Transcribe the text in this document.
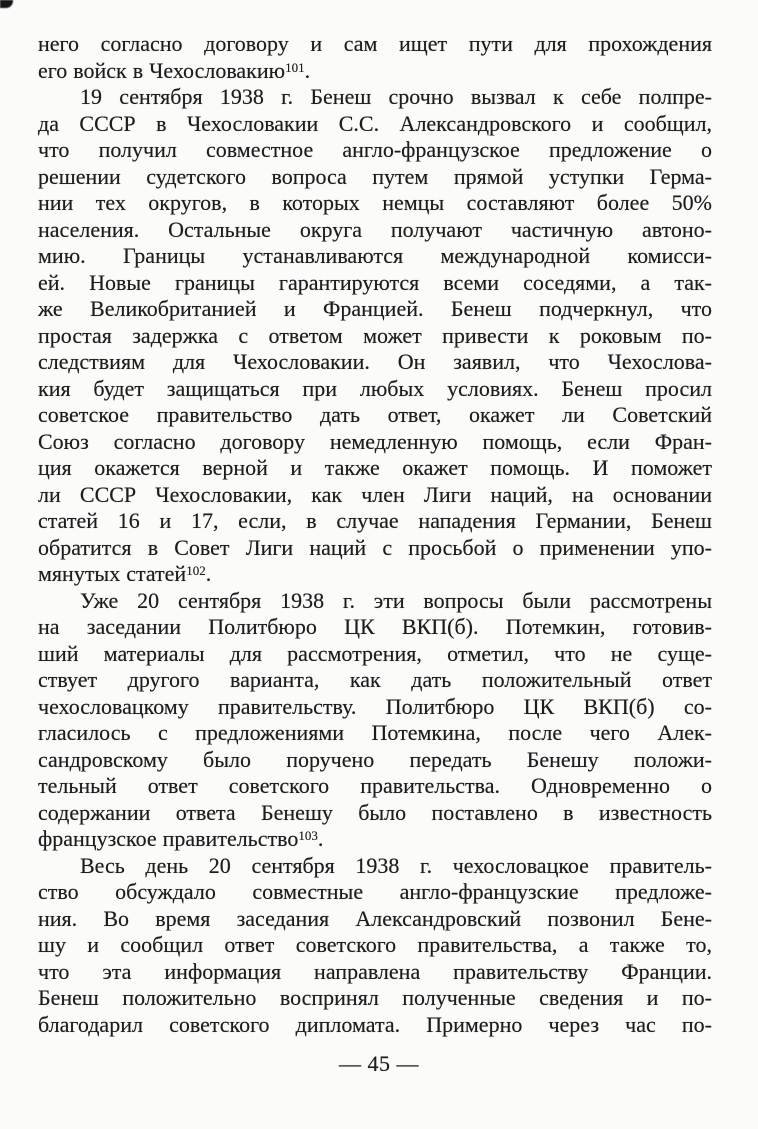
него согласно договору и сам ищет пути для прохождения
его войск в Чехословакию$^{101}$.
19 сентября 1938 г. Бенеш срочно вызвал к себе полпре-
да СССР в Чехословакии С.С. Александровского и сообщил,
что получил совместное англо-французское предложение о
решении судетского вопроса путем прямой уступки Герма-
нии тех округов, в которых немцы составляют более 50%
населения. Остальные округа получают частичную автоно-
мию. Границы устанавливаются международной комисси-
ей. Новые границы гарантируются всеми соседями, а так-
же Великобританией и Францией. Бенеш подчеркнул, что
простая задержка с ответом может привести к роковым по-
следствиям для Чехословакии. Он заявил, что Чехослова-
кия будет защищаться при любых условиях. Бенеш просил
советское правительство дать ответ, окажет ли Советский
Союз согласно договору немедленную помощь, если Фран-
ция окажется верной и также окажет помощь. И поможет
ли СССР Чехословакии, как член Лиги наций, на основании
статей 16 и 17, если, в случае нападения Германии, Бенеш
обратится в Совет Лиги наций с просьбой о применении упо-
мянутых статей$^{102}$.
Уже 20 сентября 1938 г. эти вопросы были рассмотрены
на заседании Политбюро ЦК ВКП(б). Потемкин, готовив-
ший материалы для рассмотрения, отметил, что не суще-
ствует другого варианта, как дать положительный ответ
чехословацкому правительству. Политбюро ЦК ВКП(б) со-
гласилось с предложениями Потемкина, после чего Алек-
сандровскому было поручено передать Бенешу положи-
тельный ответ советского правительства. Одновременно о
содержании ответа Бенешу было поставлено в известность
французское правительство$^{103}$.
Весь день 20 сентября 1938 г. чехословацкое правитель-
ство обсуждало совместные англо-французские предложе-
ния. Во время заседания Александровский позвонил Бене-
шу и сообщил ответ советского правительства, а также то,
что эта информация направлена правительству Франции.
Бенеш положительно воспринял полученные сведения и по-
благодарил советского дипломата. Примерно через час по-
— 45 —
